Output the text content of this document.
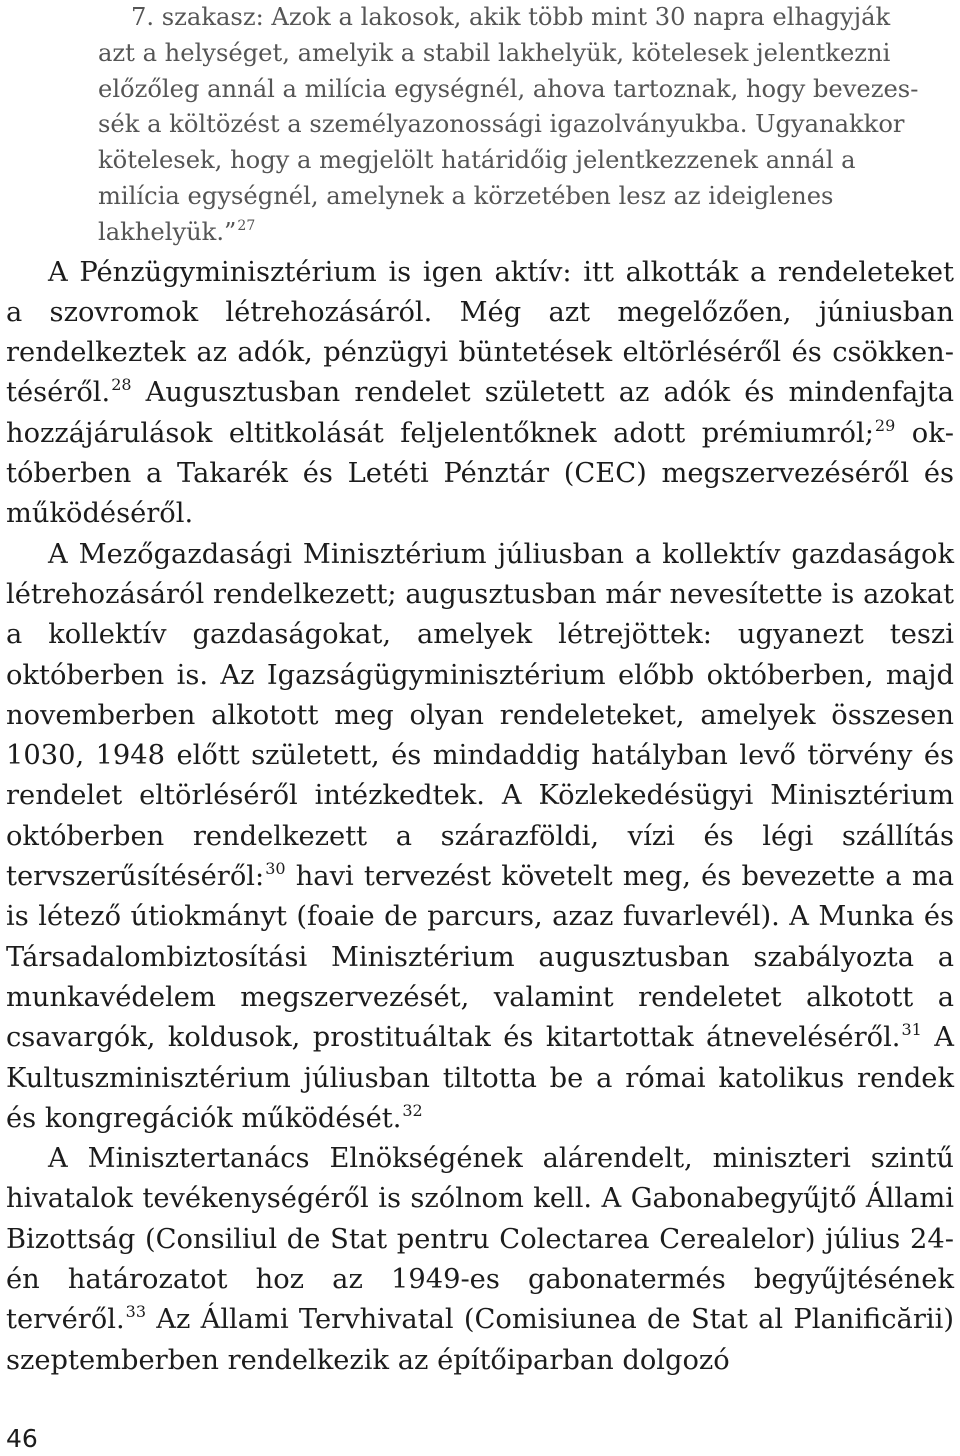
7. szakasz: Azok a lakosok, akik több mint 30 napra elhagyják

azt a helységet, amelyik a stabil lakhelyük, kötelesek jelentkezni

előzőleg annál a milícia egységnél, ahova tartoznak, hogy bevezes-

sék a költözést a személyazonossági igazolványukba. Ugyanakkor

kötelesek, hogy a megjelölt határidőig jelentkezzenek annál a

milícia egységnél, amelynek a körzetében lesz az ideiglenes

lakhelyük.”$^{27}$

A Pénzügyminisztérium is igen aktív: itt alkották a rendeleteket a szovromok létrehozásáról. Még azt megelőzően, júniusban rendelkeztek az adók, pénzügyi büntetések eltörléséről és csökkentéséről.$^{28}$ Augusztusban rendelet született az adók és mindenfajta hozzájárulások eltitkolását feljelentőknek adott prémiumról;$^{29}$ októberben a Takarék és Letéti Pénztár (CEC) megszervezéséről és működéséről.

A Mezőgazdasági Minisztérium júliusban a kollektív gazdaságok létrehozásáról rendelkezett; augusztusban már nevesítette is azokat a kollektív gazdaságokat, amelyek létrejöttek: ugyanezt teszi októberben is. Az Igazságügyminisztérium előbb októberben, majd novemberben alkotott meg olyan rendeleteket, amelyek összesen 1030, 1948 előtt született, és mindaddig hatályban levő törvény és rendelet eltörléséről intézkedtek. A Közlekedésügyi Minisztérium októberben rendelkezett a szárazföldi, vízi és légi szállítás tervszerűsítéséről:$^{30}$ havi tervezést követelt meg, és bevezette a ma is létező útiokmányt (foaie de parcurs, azaz fuvarlevél). A Munka és Társadalombiztosítási Minisztérium augusztusban szabályozta a munkavédelem megszervezését, valamint rendeletet alkotott a csavargók, koldusok, prostituáltak és kitartottak átneveléséről.$^{31}$ A Kultuszminisztérium júliusban tiltotta be a római katolikus rendek és kongregációk működését.$^{32}$

A Minisztertanács Elnökségének alárendelt, miniszteri szintű hivatalok tevékenységéről is szólnom kell. A Gabonabegyűjtő Állami Bizottság (Consiliul de Stat pentru Colectarea Cerealelor) július 24-én határozatot hoz az 1949-es gabonatermés begyűjtésének tervéről.$^{33}$ Az Állami Tervhivatal (Comisiunea de Stat al Planificării) szeptemberben rendelkezik az építőiparban dolgozó

46
